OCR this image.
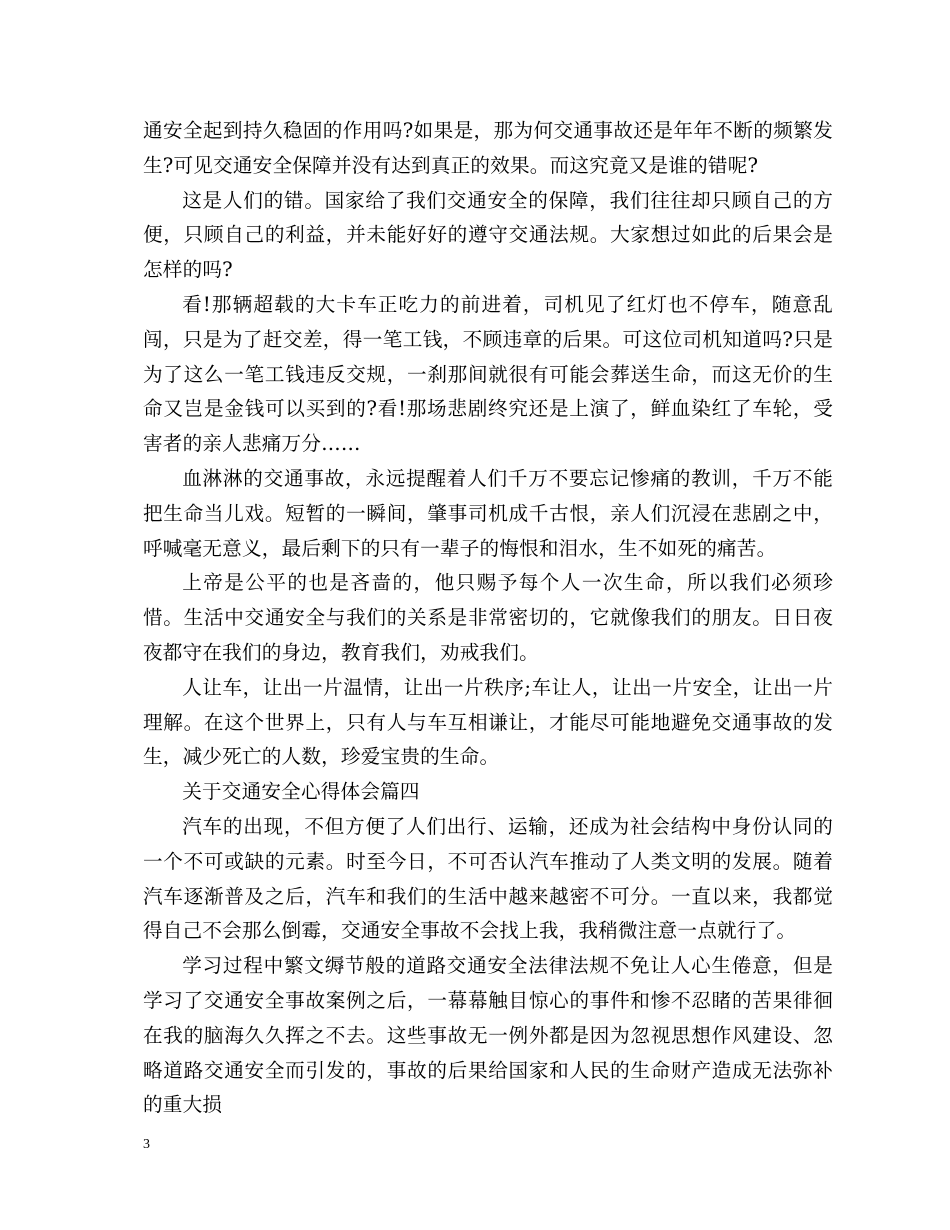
通安全起到持久稳固的作用吗?如果是，那为何交通事故还是年年不断的频繁发生?可见交通安全保障并没有达到真正的效果。而这究竟又是谁的错呢?

这是人们的错。国家给了我们交通安全的保障，我们往往却只顾自己的方便，只顾自己的利益，并未能好好的遵守交通法规。大家想过如此的后果会是怎样的吗?

看!那辆超载的大卡车正吃力的前进着，司机见了红灯也不停车，随意乱闯，只是为了赶交差，得一笔工钱，不顾违章的后果。可这位司机知道吗?只是为了这么一笔工钱违反交规，一刹那间就很有可能会葬送生命，而这无价的生命又岂是金钱可以买到的?看!那场悲剧终究还是上演了，鲜血染红了车轮，受害者的亲人悲痛万分……

血淋淋的交通事故，永远提醒着人们千万不要忘记惨痛的教训，千万不能把生命当儿戏。短暂的一瞬间，肇事司机成千古恨，亲人们沉浸在悲剧之中，呼喊毫无意义，最后剩下的只有一辈子的悔恨和泪水，生不如死的痛苦。

上帝是公平的也是吝啬的，他只赐予每个人一次生命，所以我们必须珍惜。生活中交通安全与我们的关系是非常密切的，它就像我们的朋友。日日夜夜都守在我们的身边，教育我们，劝戒我们。

人让车，让出一片温情，让出一片秩序;车让人，让出一片安全，让出一片理解。在这个世界上，只有人与车互相谦让，才能尽可能地避免交通事故的发生，减少死亡的人数，珍爱宝贵的生命。

关于交通安全心得体会篇四

汽车的出现，不但方便了人们出行、运输，还成为社会结构中身份认同的一个不可或缺的元素。时至今日，不可否认汽车推动了人类文明的发展。随着汽车逐渐普及之后，汽车和我们的生活中越来越密不可分。一直以来，我都觉得自己不会那么倒霉，交通安全事故不会找上我，我稍微注意一点就行了。

学习过程中繁文缛节般的道路交通安全法律法规不免让人心生倦意，但是学习了交通安全事故案例之后，一幕幕触目惊心的事件和惨不忍睹的苦果徘徊在我的脑海久久挥之不去。这些事故无一例外都是因为忽视思想作风建设、忽略道路交通安全而引发的，事故的后果给国家和人民的生命财产造成无法弥补的重大损

3
